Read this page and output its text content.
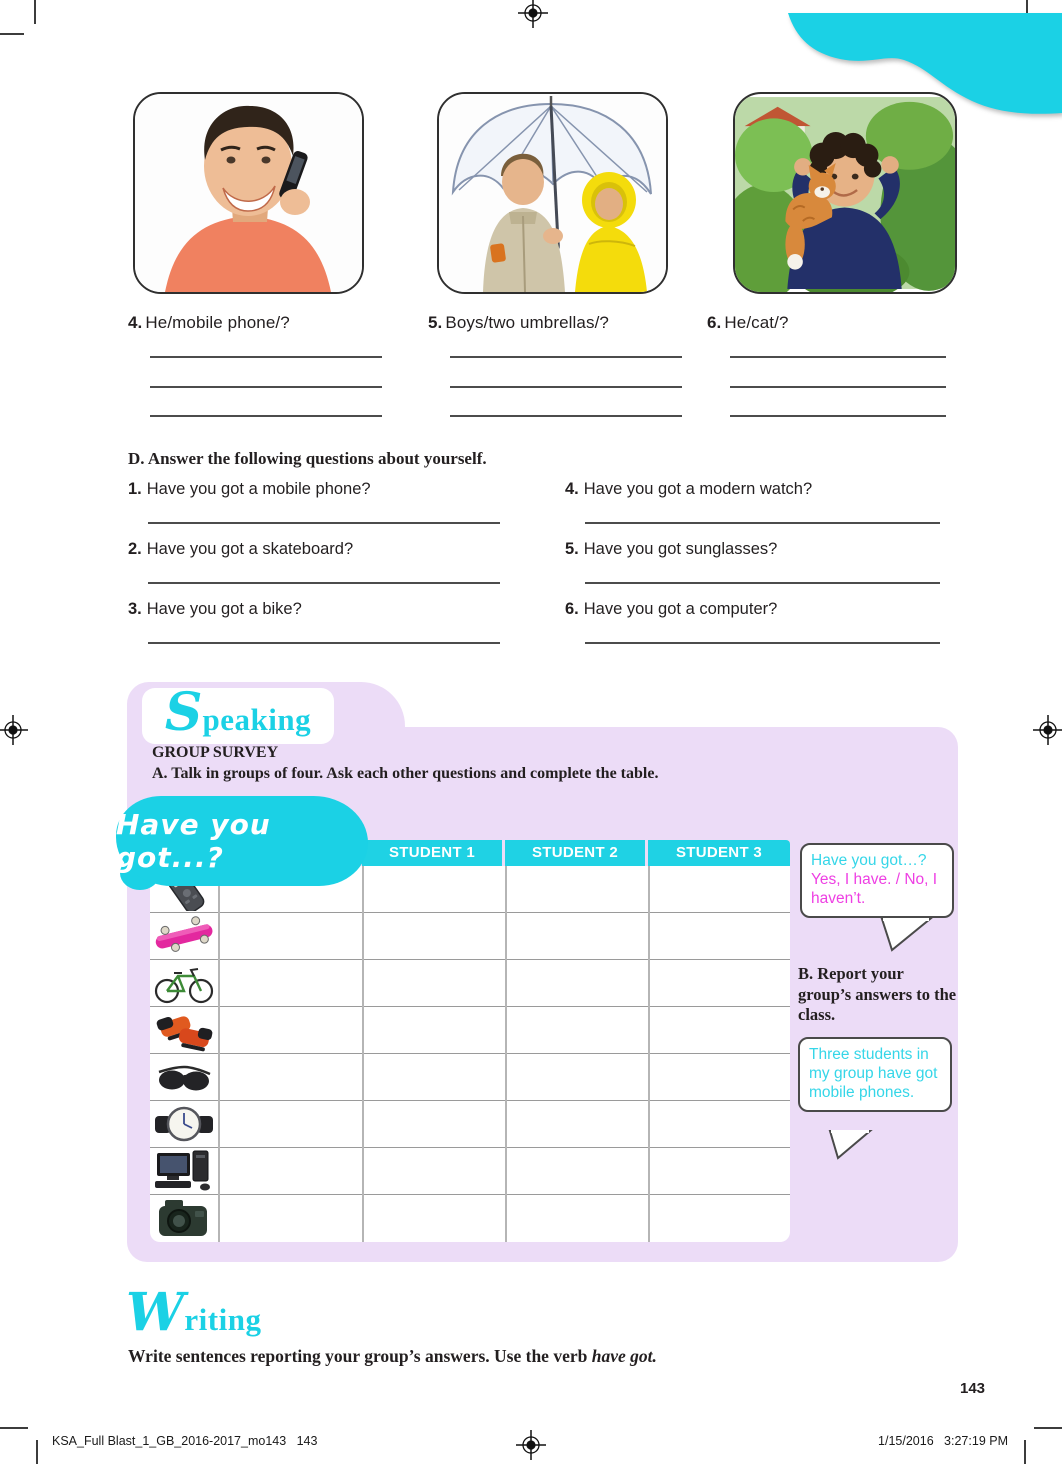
4. He/mobile phone/?	5. Boys/two umbrellas/?	6. He/cat/?
D. Answer the following questions about yourself.
1. Have you got a mobile phone?
2. Have you got a skateboard?
3. Have you got a bike?
4. Have you got a modern watch?
5. Have you got sunglasses?
6. Have you got a computer?
S peaking
GROUP SURVEY
A. Talk in groups of four. Ask each other questions and complete the table.
STUDENT 1	STUDENT 2	STUDENT 3
Have you got...?	Have you got…?
Yes, I have. / No, I haven’t.
B. Report your group’s answers to the class.
Three students in my group have got mobile phones.
W riting
Write sentences reporting your group’s answers. Use the verb have got.
143
KSA_Full Blast_1_GB_2016-2017_mo143   143	1/15/2016   3:27:19 PM
